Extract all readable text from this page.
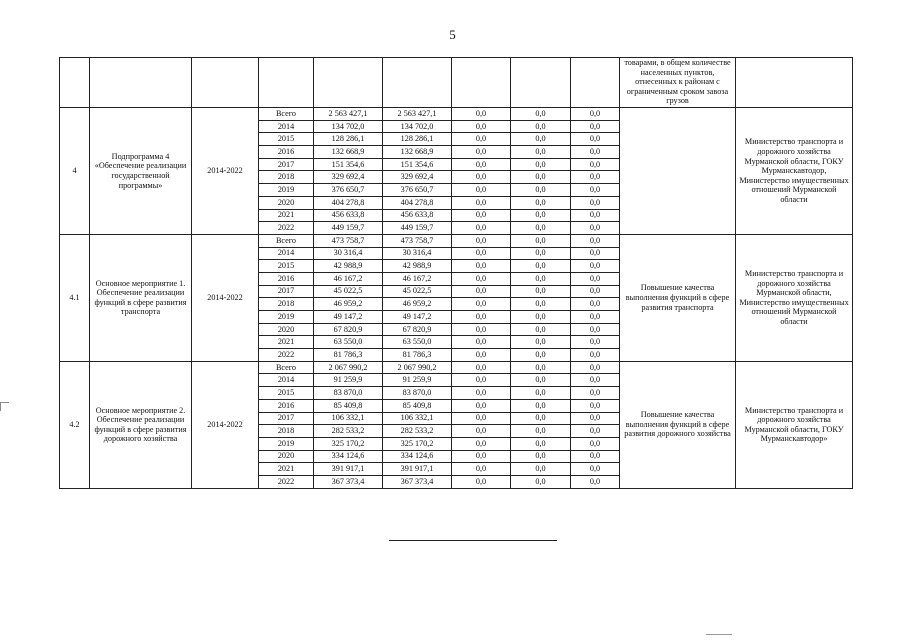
5
									товарами, в общем количестве населенных пунктов, отнесенных к районам с ограниченным сроком завоза грузов	
4	Подпрограмма 4 «Обеспечение реализации государственной программы»	2014-2022	Всего	2 563 427,1	2 563 427,1	0,0	0,0	0,0		Министерство транспорта и дорожного хозяйства Мурманской области, ГОКУ Мурманскавтодор, Министерство имущественных отношений Мурманской области
			2014	134 702,0	134 702,0	0,0	0,0	0,0		
			2015	128 286,1	128 286,1	0,0	0,0	0,0		
			2016	132 668,9	132 668,9	0,0	0,0	0,0		
			2017	151 354,6	151 354,6	0,0	0,0	0,0		
			2018	329 692,4	329 692,4	0,0	0,0	0,0		
			2019	376 650,7	376 650,7	0,0	0,0	0,0		
			2020	404 278,8	404 278,8	0,0	0,0	0,0		
			2021	456 633,8	456 633,8	0,0	0,0	0,0		
			2022	449 159,7	449 159,7	0,0	0,0	0,0		
4.1	Основное мероприятие 1. Обеспечение реализации функций в сфере развития транспорта	2014-2022	Всего	473 758,7	473 758,7	0,0	0,0	0,0	Повышение качества выполнения функций в сфере развития транспорта	Министерство транспорта и дорожного хозяйства Мурманской области, Министерство имущественных отношений Мурманской области
			2014	30 316,4	30 316,4	0,0	0,0	0,0		
			2015	42 988,9	42 988,9	0,0	0,0	0,0		
			2016	46 167,2	46 167,2	0,0	0,0	0,0		
			2017	45 022,5	45 022,5	0,0	0,0	0,0		
			2018	46 959,2	46 959,2	0,0	0,0	0,0		
			2019	49 147,2	49 147,2	0,0	0,0	0,0		
			2020	67 820,9	67 820,9	0,0	0,0	0,0		
			2021	63 550,0	63 550,0	0,0	0,0	0,0		
			2022	81 786,3	81 786,3	0,0	0,0	0,0		
4.2	Основное мероприятие 2. Обеспечение реализации функций в сфере развития дорожного хозяйства	2014-2022	Всего	2 067 990,2	2 067 990,2	0,0	0,0	0,0	Повышение качества выполнения функций в сфере развития дорожного хозяйства	Министерство транспорта и дорожного хозяйства Мурманской области, ГОКУ Мурманскавтодор»
			2014	91 259,9	91 259,9	0,0	0,0	0,0		
			2015	83 870,0	83 870,0	0,0	0,0	0,0		
			2016	85 409,8	85 409,8	0,0	0,0	0,0		
			2017	106 332,1	106 332,1	0,0	0,0	0,0		
			2018	282 533,2	282 533,2	0,0	0,0	0,0		
			2019	325 170,2	325 170,2	0,0	0,0	0,0		
			2020	334 124,6	334 124,6	0,0	0,0	0,0		
			2021	391 917,1	391 917,1	0,0	0,0	0,0		
			2022	367 373,4	367 373,4	0,0	0,0	0,0		
